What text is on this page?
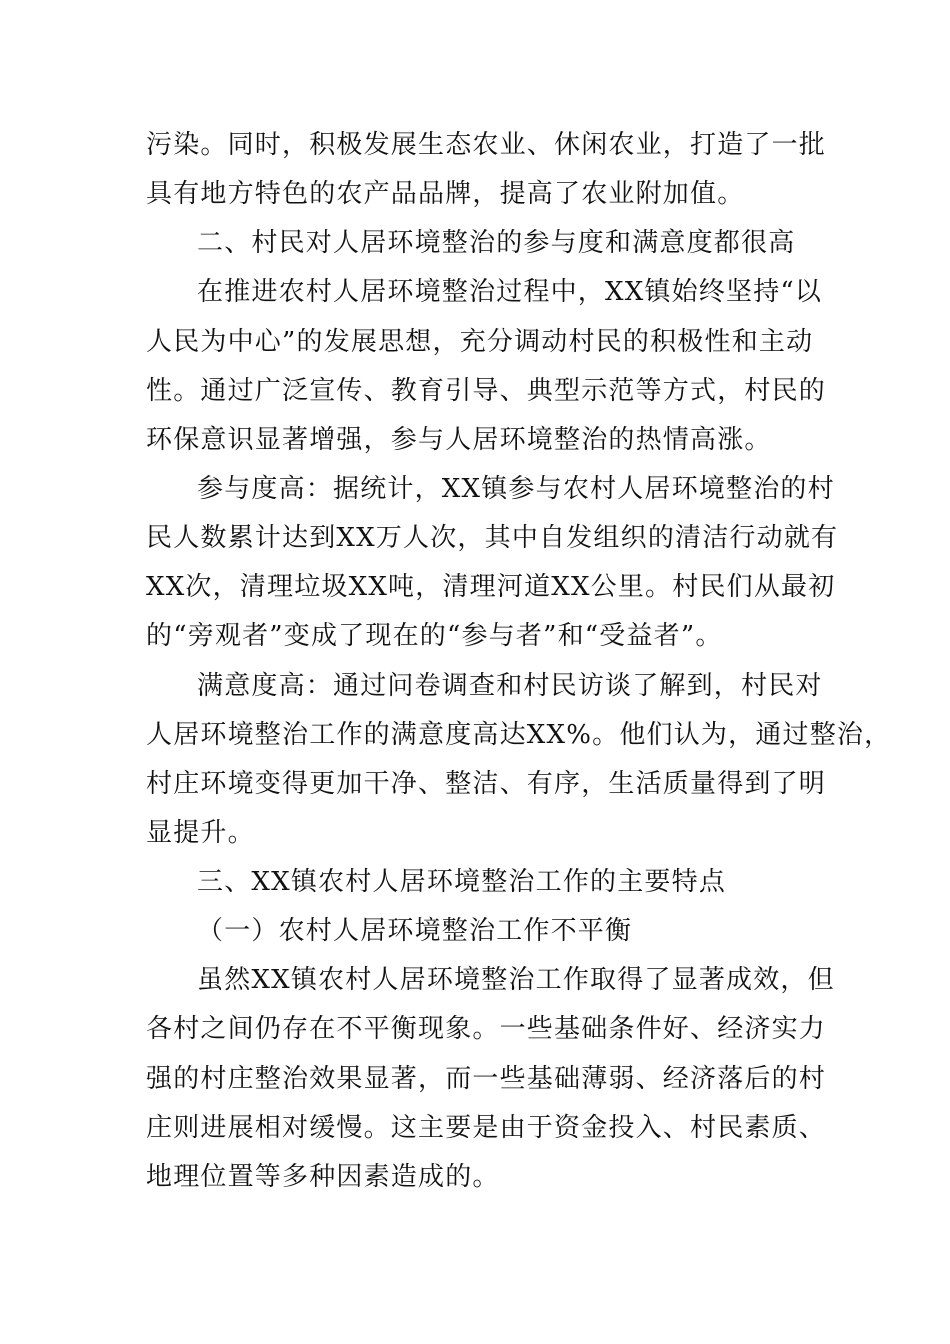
污染。同时，积极发展生态农业、休闲农业，打造了一批
具有地方特色的农产品品牌，提高了农业附加值。
二、村民对人居环境整治的参与度和满意度都很高
在推进农村人居环境整治过程中，XX镇始终坚持“以
人民为中心”的发展思想，充分调动村民的积极性和主动
性。通过广泛宣传、教育引导、典型示范等方式，村民的
环保意识显著增强，参与人居环境整治的热情高涨。
参与度高：据统计，XX镇参与农村人居环境整治的村
民人数累计达到XX万人次，其中自发组织的清洁行动就有
XX次，清理垃圾XX吨，清理河道XX公里。村民们从最初
的“旁观者”变成了现在的“参与者”和“受益者”。
满意度高：通过问卷调查和村民访谈了解到，村民对
人居环境整治工作的满意度高达XX%。他们认为，通过整治，
村庄环境变得更加干净、整洁、有序，生活质量得到了明
显提升。
三、XX镇农村人居环境整治工作的主要特点
（一）农村人居环境整治工作不平衡
虽然XX镇农村人居环境整治工作取得了显著成效，但
各村之间仍存在不平衡现象。一些基础条件好、经济实力
强的村庄整治效果显著，而一些基础薄弱、经济落后的村
庄则进展相对缓慢。这主要是由于资金投入、村民素质、
地理位置等多种因素造成的。
